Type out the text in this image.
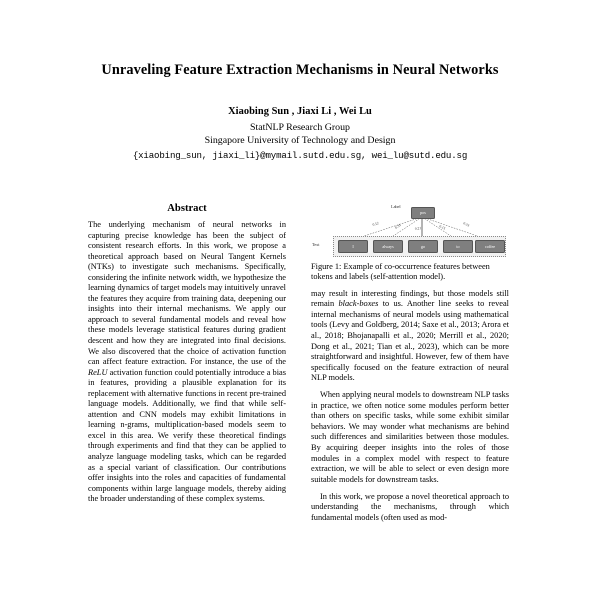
Unraveling Feature Extraction Mechanisms in Neural Networks
Xiaobing Sun , Jiaxi Li , Wei Lu
StatNLP Research Group
Singapore University of Technology and Design
{xiaobing_sun, jiaxi_li}@mymail.sutd.edu.sg, wei_lu@sutd.edu.sg
Abstract

The underlying mechanism of neural networks in capturing precise knowledge has been the subject of consistent research efforts. In this work, we propose a theoretical approach based on Neural Tangent Kernels (NTKs) to investigate such mechanisms. Specifically, considering the infinite network width, we hypothesize the learning dynamics of target models may intuitively unravel the features they acquire from training data, deepening our insights into their internal mechanisms. We apply our approach to several fundamental models and reveal how these models leverage statistical features during gradient descent and how they are integrated into final decisions. We also discovered that the choice of activation function can affect feature extraction. For instance, the use of the ReLU activation function could potentially introduce a bias in features, providing a plausible explanation for its replacement with alternative functions in recent pre-trained language models. Additionally, we find that while self-attention and CNN models may exhibit limitations in learning n-grams, multiplication-based models seem to excel in this area. We verify these theoretical findings through experiments and find that they can be applied to analyze language modeling tasks, which can be regarded as a special variant of classification. Our contributions offer insights into the roles and capacities of fundamental components within large language models, thereby aiding the broader understanding of these complex systems.

0.12	0.31	0.21	0.15	0.33
Label
pos
Text	I	always	go	to	coffee

Figure 1: Example of co-occurrence features between tokens and labels (self-attention model).

may result in interesting findings, but those models still remain black-boxes to us. Another line seeks to reveal internal mechanisms of neural models using mathematical tools (Levy and Goldberg, 2014; Saxe et al., 2013; Arora et al., 2018; Bhojanapalli et al., 2020; Merrill et al., 2020; Dong et al., 2021; Tian et al., 2023), which can be more straightforward and insightful. However, few of them have specifically focused on the feature extraction of neural NLP models.

When applying neural models to downstream NLP tasks in practice, we often notice some modules perform better than others on specific tasks, while some exhibit similar behaviors. We may wonder what mechanisms are behind such differences and similarities between those modules. By acquiring deeper insights into the roles of those modules in a complex model with respect to feature extraction, we will be able to select or even design more suitable models for downstream tasks.

In this work, we propose a novel theoretical approach to understanding the mechanisms, through which fundamental models (often used as mod-
